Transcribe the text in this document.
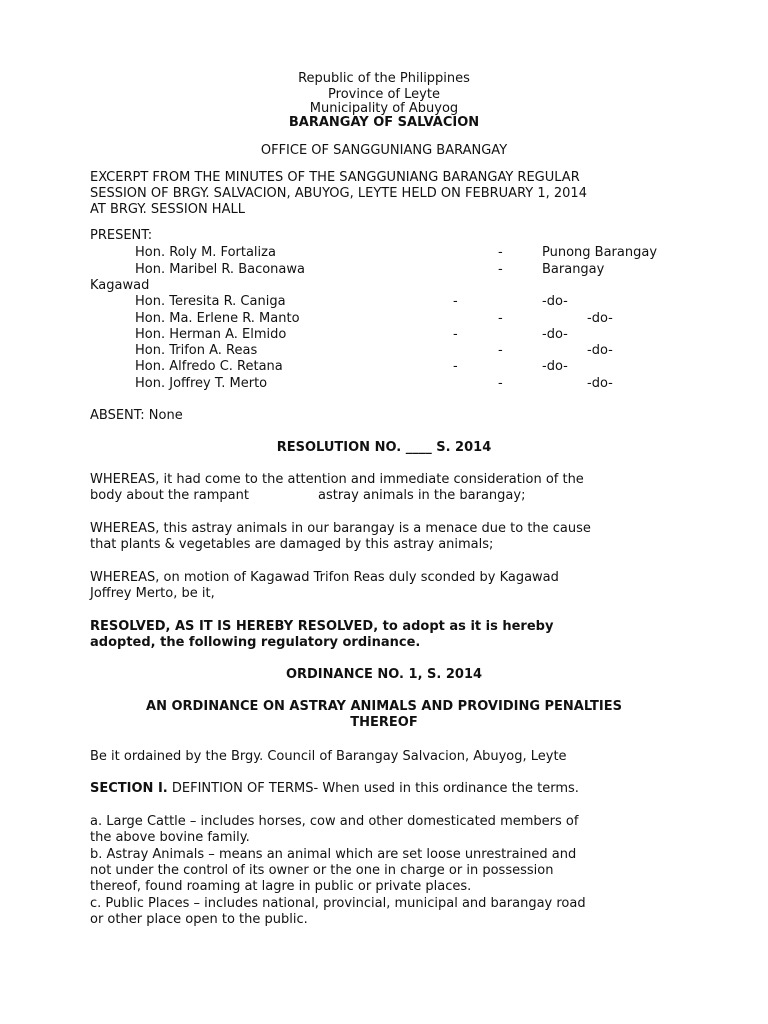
Republic of the Philippines
Province of Leyte
Municipality of Abuyog
BARANGAY OF SALVACION
OFFICE OF SANGGUNIANG BARANGAY
EXCERPT FROM THE MINUTES OF THE SANGGUNIANG BARANGAY REGULAR
SESSION OF BRGY. SALVACION, ABUYOG, LEYTE HELD ON FEBRUARY 1, 2014
AT BRGY. SESSION HALL
PRESENT:
Hon. Roly M. Fortaliza	-	Punong Barangay
Hon. Maribel R. Baconawa	-	Barangay
Kagawad
Hon. Teresita R. Caniga	-	-do-
Hon. Ma. Erlene R. Manto	-	-do-
Hon. Herman A. Elmido	-	-do-
Hon. Trifon A. Reas	-	-do-
Hon. Alfredo C. Retana	-	-do-
Hon. Joffrey T. Merto	-	-do-
ABSENT: None
RESOLUTION NO. ____ S. 2014
WHEREAS, it had come to the attention and immediate consideration of the
body about the rampant	astray animals in the barangay;
WHEREAS, this astray animals in our barangay is a menace due to the cause
that plants & vegetables are damaged by this astray animals;
WHEREAS, on motion of Kagawad Trifon Reas duly sconded by Kagawad
Joffrey Merto, be it,
RESOLVED, AS IT IS HEREBY RESOLVED, to adopt as it is hereby
adopted, the following regulatory ordinance.
ORDINANCE NO. 1, S. 2014
AN ORDINANCE ON ASTRAY ANIMALS AND PROVIDING PENALTIES
THEREOF
Be it ordained by the Brgy. Council of Barangay Salvacion, Abuyog, Leyte
SECTION I. DEFINTION OF TERMS- When used in this ordinance the terms.
a. Large Cattle – includes horses, cow and other domesticated members of
the above bovine family.
b. Astray Animals – means an animal which are set loose unrestrained and
not under the control of its owner or the one in charge or in possession
thereof, found roaming at lagre in public or private places.
c. Public Places – includes national, provincial, municipal and barangay road
or other place open to the public.
